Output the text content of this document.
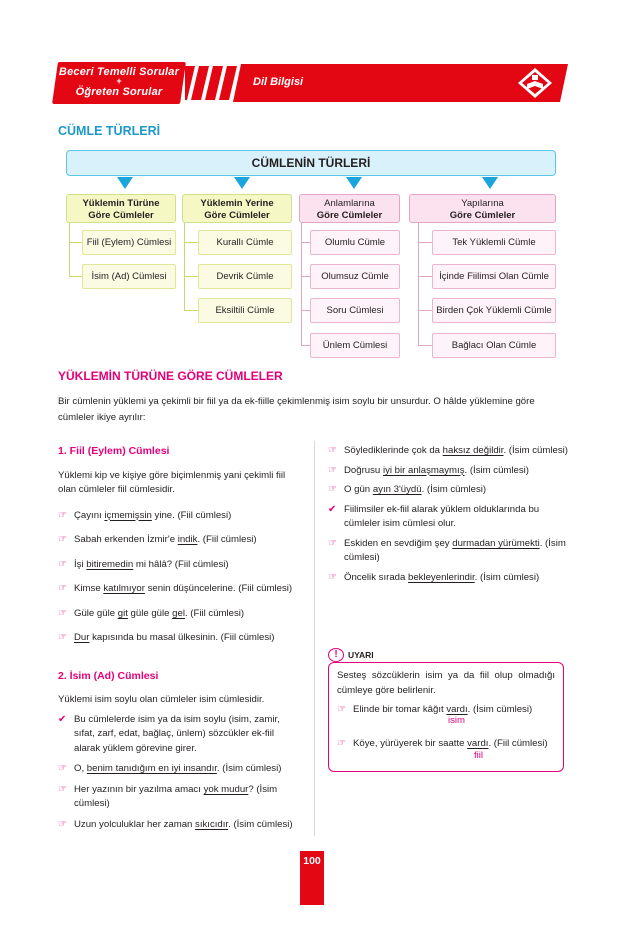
Beceri Temelli Sorular
+
Öğreten Sorular
Dil Bilgisi
CÜMLE TÜRLERİ
CÜMLENİN TÜRLERİ
Yüklemin Türüne
Göre Cümleler
Fiil (Eylem) Cümlesi
İsim (Ad) Cümlesi
Yüklemin Yerine
Göre Cümleler
Kurallı Cümle
Devrik Cümle
Eksiltili Cümle
Anlamlarına
Göre Cümleler
Olumlu Cümle
Olumsuz Cümle
Soru Cümlesi
Ünlem Cümlesi
Yapılarına
Göre Cümleler
Tek Yüklemli Cümle
İçinde Fiilimsi Olan Cümle
Birden Çok Yüklemli Cümle
Bağlacı Olan Cümle
YÜKLEMİN TÜRÜNE GÖRE CÜMLELER
Bir cümlenin yüklemi ya çekimli bir fiil ya da ek-fiille çekimlenmiş isim soylu bir unsurdur. O hâlde yüklemine göre cümleler ikiye ayrılır:
1. Fiil (Eylem) Cümlesi
Yüklemi kip ve kişiye göre biçimlenmiş yani çekimli fiil olan cümleler fiil cümlesidir.
☞ Çayını içmemişsin yine. (Fiil cümlesi)
☞ Sabah erkenden İzmir'e indik. (Fiil cümlesi)
☞ İşi bitiremedin mi hâlâ? (Fiil cümlesi)
☞ Kimse katılmıyor senin düşüncelerine. (Fiil cümlesi)
☞ Güle güle git güle güle gel. (Fiil cümlesi)
☞ Dur kapısında bu masal ülkesinin. (Fiil cümlesi)
2. İsim (Ad) Cümlesi
Yüklemi isim soylu olan cümleler isim cümlesidir.
✔ Bu cümlelerde isim ya da isim soylu (isim, zamir, sıfat, zarf, edat, bağlaç, ünlem) sözcükler ek-fiil alarak yüklem görevine girer.
☞ O, benim tanıdığım en iyi insandır. (İsim cümlesi)
☞ Her yazının bir yazılma amacı yok mudur? (İsim cümlesi)
☞ Uzun yolculuklar her zaman sıkıcıdır. (İsim cümlesi)
☞ Söylediklerinde çok da haksız değildir. (İsim cümlesi)
☞ Doğrusu iyi bir anlaşmaymış. (İsim cümlesi)
☞ O gün ayın 3'üydü. (İsim cümlesi)
✔ Fiilimsiler ek-fiil alarak yüklem olduklarında bu cümleler isim cümlesi olur.
☞ Eskiden en sevdiğim şey durmadan yürümekti. (İsim cümlesi)
☞ Öncelik sırada bekleyenlerindir. (İsim cümlesi)
!	UYARI
Sesteş sözcüklerin isim ya da fiil olup olmadığı cümleye göre belirlenir.
☞ Elinde bir tomar kâğıt vardı. (İsim cümlesi)
☞ Köye, yürüyerek bir saatte vardı. (Fiil cümlesi)
isim
fiil
100
